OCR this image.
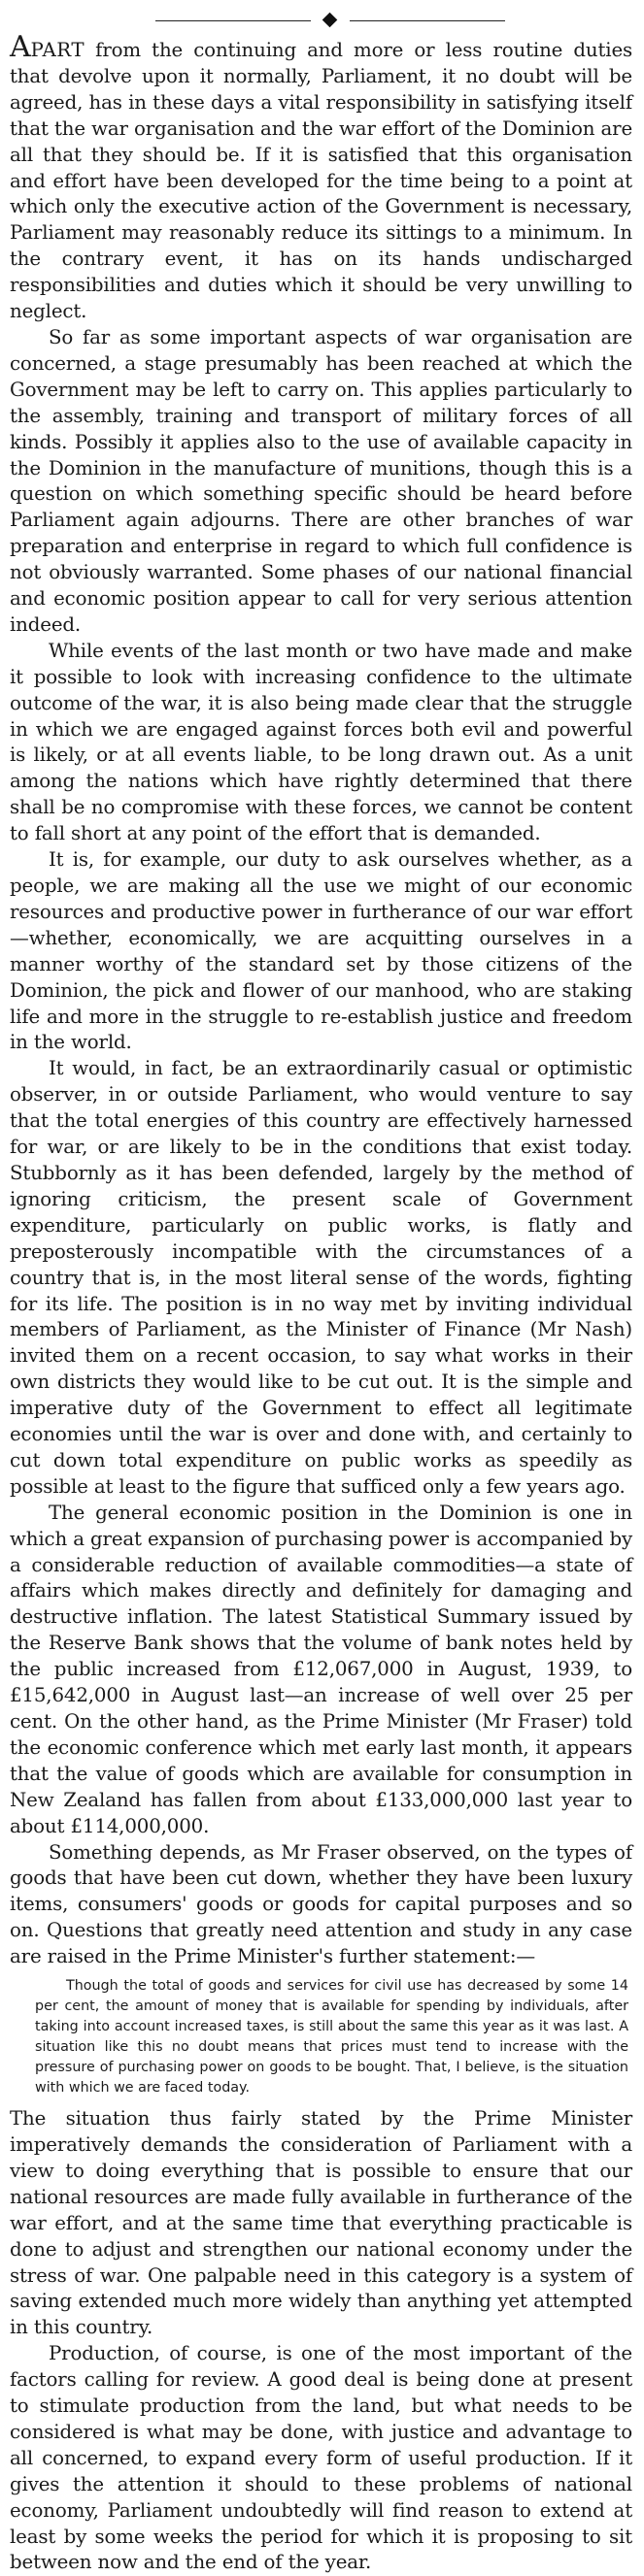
APART from the continuing and more or less routine duties that devolve upon it normally, Parliament, it no doubt will be agreed, has in these days a vital responsibility in satisfying itself that the war organisation and the war effort of the Dominion are all that they should be. If it is satisfied that this organisation and effort have been developed for the time being to a point at which only the executive action of the Government is necessary, Parliament may reasonably reduce its sittings to a minimum. In the contrary event, it has on its hands undischarged responsibilities and duties which it should be very unwilling to neglect.

So far as some important aspects of war organisation are concerned, a stage presumably has been reached at which the Government may be left to carry on. This applies particularly to the assembly, training and transport of military forces of all kinds. Possibly it applies also to the use of available capacity in the Dominion in the manufacture of munitions, though this is a question on which something specific should be heard before Parliament again adjourns. There are other branches of war preparation and enterprise in regard to which full confidence is not obviously warranted. Some phases of our national financial and economic position appear to call for very serious attention indeed.

While events of the last month or two have made and make it possible to look with increasing confidence to the ultimate outcome of the war, it is also being made clear that the struggle in which we are engaged against forces both evil and powerful is likely, or at all events liable, to be long drawn out. As a unit among the nations which have rightly determined that there shall be no compromise with these forces, we cannot be content to fall short at any point of the effort that is demanded.

It is, for example, our duty to ask ourselves whether, as a people, we are making all the use we might of our economic resources and productive power in furtherance of our war effort—whether, economically, we are acquitting ourselves in a manner worthy of the standard set by those citizens of the Dominion, the pick and flower of our manhood, who are staking life and more in the struggle to re-establish justice and freedom in the world.

It would, in fact, be an extraordinarily casual or optimistic observer, in or outside Parliament, who would venture to say that the total energies of this country are effectively harnessed for war, or are likely to be in the conditions that exist today. Stubbornly as it has been defended, largely by the method of ignoring criticism, the present scale of Government expenditure, particularly on public works, is flatly and preposterously incompatible with the circumstances of a country that is, in the most literal sense of the words, fighting for its life. The position is in no way met by inviting individual members of Parliament, as the Minister of Finance (Mr Nash) invited them on a recent occasion, to say what works in their own districts they would like to be cut out. It is the simple and imperative duty of the Government to effect all legitimate economies until the war is over and done with, and certainly to cut down total expenditure on public works as speedily as possible at least to the figure that sufficed only a few years ago.

The general economic position in the Dominion is one in which a great expansion of purchasing power is accompanied by a considerable reduction of available commodities—a state of affairs which makes directly and definitely for damaging and destructive inflation. The latest Statistical Summary issued by the Reserve Bank shows that the volume of bank notes held by the public increased from £12,067,000 in August, 1939, to £15,642,000 in August last—an increase of well over 25 per cent. On the other hand, as the Prime Minister (Mr Fraser) told the economic conference which met early last month, it appears that the value of goods which are available for consumption in New Zealand has fallen from about £133,000,000 last year to about £114,000,000.

Something depends, as Mr Fraser observed, on the types of goods that have been cut down, whether they have been luxury items, consumers' goods or goods for capital purposes and so on. Questions that greatly need attention and study in any case are raised in the Prime Minister's further statement:—

Though the total of goods and services for civil use has decreased by some 14 per cent, the amount of money that is available for spending by individuals, after taking into account increased taxes, is still about the same this year as it was last. A situation like this no doubt means that prices must tend to increase with the pressure of purchasing power on goods to be bought. That, I believe, is the situation with which we are faced today.

The situation thus fairly stated by the Prime Minister imperatively demands the consideration of Parliament with a view to doing everything that is possible to ensure that our national resources are made fully available in furtherance of the war effort, and at the same time that everything practicable is done to adjust and strengthen our national economy under the stress of war. One palpable need in this category is a system of saving extended much more widely than anything yet attempted in this country.

Production, of course, is one of the most important of the factors calling for review. A good deal is being done at present to stimulate production from the land, but what needs to be considered is what may be done, with justice and advantage to all concerned, to expand every form of useful production. If it gives the attention it should to these problems of national economy, Parliament undoubtedly will find reason to extend at least by some weeks the period for which it is proposing to sit between now and the end of the year.
